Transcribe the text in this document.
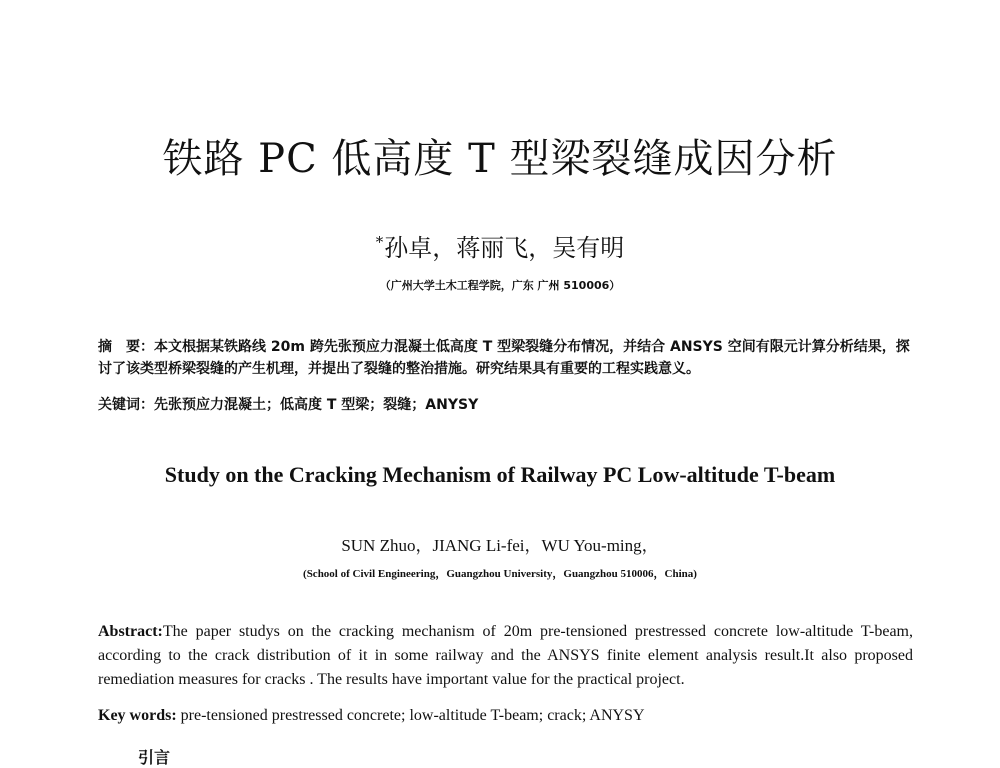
铁路 PC 低高度 T 型梁裂缝成因分析
*孙卓，蒋丽飞，吴有明
（广州大学土木工程学院，广东 广州 510006）

摘　要：本文根据某铁路线 20m 跨先张预应力混凝土低高度 T 型梁裂缝分布情况，并结合 ANSYS 空间有限元计算分析结果，探讨了该类型桥梁裂缝的产生机理，并提出了裂缝的整治措施。研究结果具有重要的工程实践意义。

关键词：先张预应力混凝土；低高度 T 型梁；裂缝；ANYSY
Study on the Cracking Mechanism of Railway PC Low-altitude T-beam
SUN Zhuo，JIANG Li-fei，WU You-ming，
(School of Civil Engineering，Guangzhou University，Guangzhou 510006，China)

Abstract:The paper studys on the cracking mechanism of 20m pre-tensioned prestressed concrete low-altitude T-beam, according to the crack distribution of it in some railway and the ANSYS finite element analysis result.It also proposed remediation measures for cracks . The results have important value for the practical project.

Key words: pre-tensioned prestressed concrete; low-altitude T-beam; crack; ANYSY
引言
